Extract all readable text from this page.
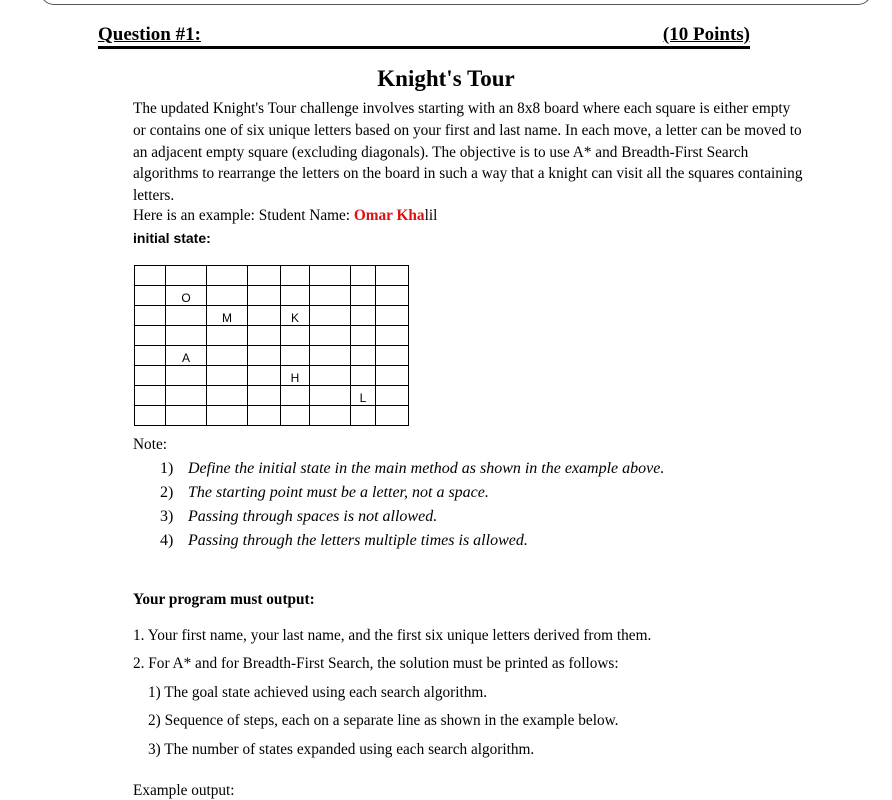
Question #1:	(10 Points)
Knight's Tour

The updated Knight's Tour challenge involves starting with an 8x8 board where each square is either empty or contains one of six unique letters based on your first and last name. In each move, a letter can be moved to an adjacent empty square (excluding diagonals). The objective is to use A* and Breadth-First Search algorithms to rearrange the letters on the board in such a way that a knight can visit all the squares containing letters.

Here is an example: Student Name: Omar Khalil
initial state:

	O						
		M		K			

	A						
				H			
						L	

Note:
1) Define the initial state in the main method as shown in the example above.
2) The starting point must be a letter, not a space.
3) Passing through spaces is not allowed.
4) Passing through the letters multiple times is allowed.
Your program must output:
1. Your first name, your last name, and the first six unique letters derived from them.
2. For A* and for Breadth-First Search, the solution must be printed as follows:
1) The goal state achieved using each search algorithm.
2) Sequence of steps, each on a separate line as shown in the example below.
3) The number of states expanded using each search algorithm.
Example output:
